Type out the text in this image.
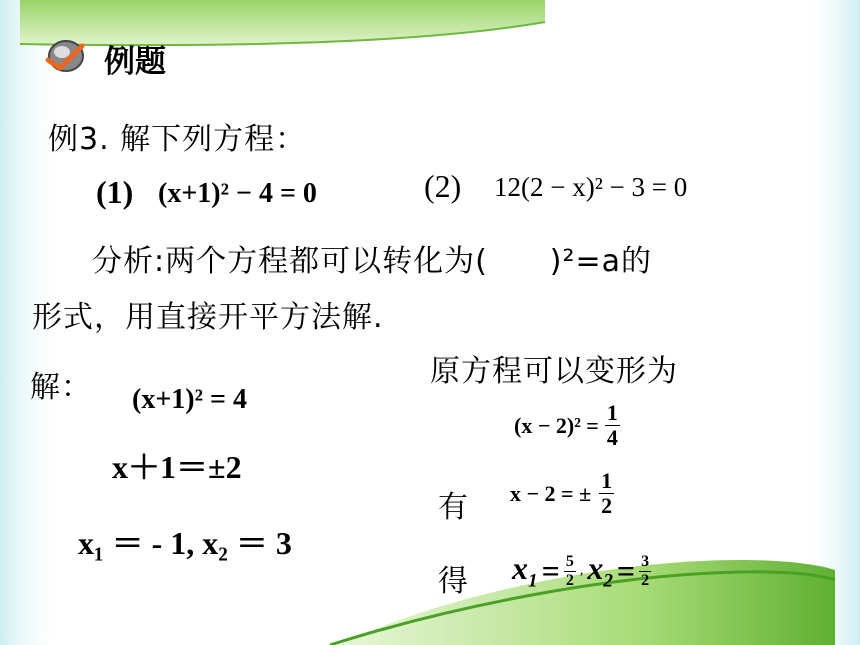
例题
例3. 解下列方程：
(1) (x+1)² − 4 = 0	(2) 12(2 − x)² − 3 = 0
分析:两个方程都可以转化为(　　)²=a的
形式，用直接开平方法解.
解： (x+1)² = 4
x＋1＝±2
x₁ ＝ - 1, x₂ ＝ 3
原方程可以变形为
$(x - 2)^2 = \frac{1}{4}$
有 x − 2 = ± $\frac{1}{2}$
得 $x_1 = \frac{5}{2}$ , $x_2 = \frac{3}{2}$
